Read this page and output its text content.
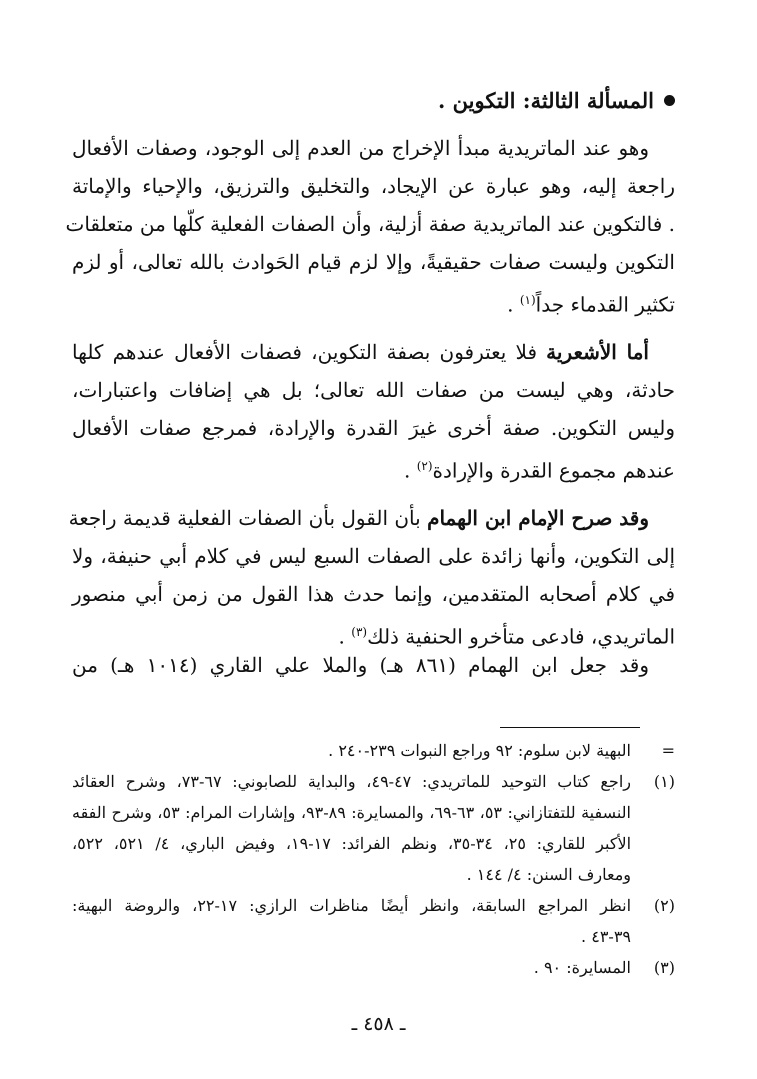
المسألة الثالثة: التكوين .
وهو عند الماتريدية مبدأ الإخراج من العدم إلى الوجود، وصفات الأفعال
راجعة إليه، وهو عبارة عن الإيجاد، والتخليق والترزيق، والإحياء والإماتة
. فالتكوين عند الماتريدية صفة أزلية، وأن الصفات الفعلية كلّها من متعلقات
التكوين وليست صفات حقيقيةً، وإلا لزم قيام الحَوادث بالله تعالى، أو لزم
تكثير القدماء جداً$^{(١)}$ .
أما الأشعرية فلا يعترفون بصفة التكوين، فصفات الأفعال عندهم كلها
حادثة، وهي ليست من صفات الله تعالى؛ بل هي إضافات واعتبارات،
وليس التكوين. صفة أخرى غيرَ القدرة والإرادة، فمرجع صفات الأفعال
عندهم مجموع القدرة والإرادة$^{(٢)}$ .
وقد صرح الإمام ابن الهمام بأن القول بأن الصفات الفعلية قديمة راجعة
إلى التكوين، وأنها زائدة على الصفات السبع ليس في كلام أبي حنيفة، ولا
في كلام أصحابه المتقدمين، وإنما حدث هذا القول من زمن أبي منصور
الماتريدي، فادعى متأخرو الحنفية ذلك$^{(٣)}$ .
وقد جعل ابن الهمام (٨٦١ هـ) والملا علي القاري (١٠١٤ هـ) من
=
البهية لابن سلوم: ٩٢ وراجع النبوات ٢٣٩-٢٤٠ .
(١)
راجع كتاب التوحيد للماتريدي: ٤٧-٤٩، والبداية للصابوني: ٦٧-٧٣، وشرح العقائد
النسفية للتفتازاني: ٥٣، ٦٣-٦٩، والمسايرة: ٨٩-٩٣، وإشارات المرام: ٥٣، وشرح الفقه
الأكبر للقاري: ٢٥، ٣٤-٣٥، ونظم الفرائد: ١٧-١٩، وفيض الباري، ٤/ ٥٢١، ٥٢٢،
ومعارف السنن: ٤/ ١٤٤ .
(٢)
انظر المراجع السابقة، وانظر أيضًا مناظرات الرازي: ١٧-٢٢، والروضة البهية:
٣٩-٤٣ .
(٣)
المسايرة: ٩٠ .
ـ ٤٥٨ ـ
